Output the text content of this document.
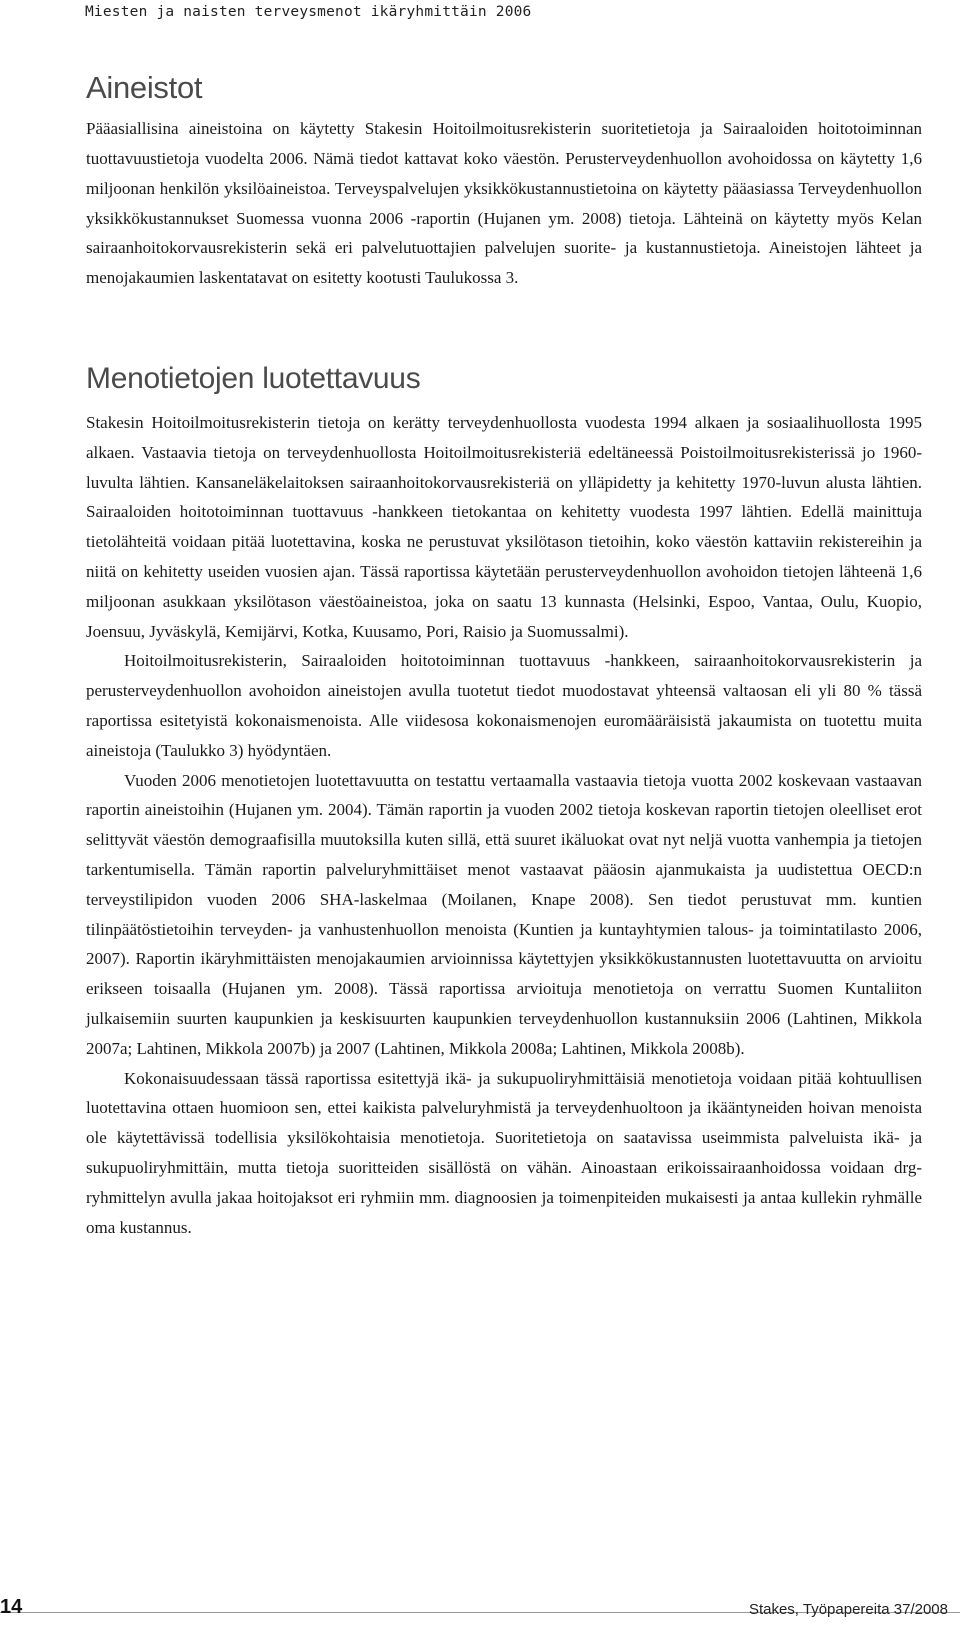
Miesten ja naisten terveysmenot ikäryhmittäin 2006
Aineistot

Pääasiallisina aineistoina on käytetty Stakesin Hoitoilmoitusrekisterin suoritetietoja ja Sairaaloiden hoitotoiminnan tuottavuustietoja vuodelta 2006. Nämä tiedot kattavat koko väestön. Perusterveydenhuollon avohoidossa on käytetty 1,6 miljoonan henkilön yksilöaineistoa. Terveyspalvelujen yksikkökustannustietoina on käytetty pääasiassa Terveydenhuollon yksikkökustannukset Suomessa vuonna 2006 -raportin (Hujanen ym. 2008) tietoja. Lähteinä on käytetty myös Kelan sairaanhoitokorvausrekisterin sekä eri palvelutuottajien palvelujen suorite- ja kustannustietoja. Aineistojen lähteet ja menojakaumien laskentatavat on esitetty kootusti Taulukossa 3.

Menotietojen luotettavuus

Stakesin Hoitoilmoitusrekisterin tietoja on kerätty terveydenhuollosta vuodesta 1994 alkaen ja sosiaalihuollosta 1995 alkaen. Vastaavia tietoja on terveydenhuollosta Hoitoilmoitusrekisteriä edeltäneessä Poistoilmoitusrekisterissä jo 1960-luvulta lähtien. Kansaneläkelaitoksen sairaanhoitokorvausrekisteriä on ylläpidetty ja kehitetty 1970-luvun alusta lähtien. Sairaaloiden hoitotoiminnan tuottavuus -hankkeen tietokantaa on kehitetty vuodesta 1997 lähtien. Edellä mainittuja tietolähteitä voidaan pitää luotettavina, koska ne perustuvat yksilötason tietoihin, koko väestön kattaviin rekistereihin ja niitä on kehitetty useiden vuosien ajan. Tässä raportissa käytetään perusterveydenhuollon avohoidon tietojen lähteenä 1,6 miljoonan asukkaan yksilötason väestöaineistoa, joka on saatu 13 kunnasta (Helsinki, Espoo, Vantaa, Oulu, Kuopio, Joensuu, Jyväskylä, Kemijärvi, Kotka, Kuusamo, Pori, Raisio ja Suomussalmi).

Hoitoilmoitusrekisterin, Sairaaloiden hoitotoiminnan tuottavuus -hankkeen, sairaanhoitokorvausrekisterin ja perusterveydenhuollon avohoidon aineistojen avulla tuotetut tiedot muodostavat yhteensä valtaosan eli yli 80 % tässä raportissa esitetyistä kokonaismenoista. Alle viidesosa kokonaismenojen euromääräisistä jakaumista on tuotettu muita aineistoja (Taulukko 3) hyödyntäen.

Vuoden 2006 menotietojen luotettavuutta on testattu vertaamalla vastaavia tietoja vuotta 2002 koskevaan vastaavan raportin aineistoihin (Hujanen ym. 2004). Tämän raportin ja vuoden 2002 tietoja koskevan raportin tietojen oleelliset erot selittyvät väestön demograafisilla muutoksilla kuten sillä, että suuret ikäluokat ovat nyt neljä vuotta vanhempia ja tietojen tarkentumisella. Tämän raportin palveluryhmittäiset menot vastaavat pääosin ajanmukaista ja uudistettua OECD:n terveystilipidon vuoden 2006 SHA-laskelmaa (Moilanen, Knape 2008). Sen tiedot perustuvat mm. kuntien tilinpäätöstietoihin terveyden- ja vanhustenhuollon menoista (Kuntien ja kuntayhtymien talous- ja toimintatilasto 2006, 2007). Raportin ikäryhmittäisten menojakaumien arvioinnissa käytettyjen yksikkökustannusten luotettavuutta on arvioitu erikseen toisaalla (Hujanen ym. 2008). Tässä raportissa arvioituja menotietoja on verrattu Suomen Kuntaliiton julkaisemiin suurten kaupunkien ja keskisuurten kaupunkien terveydenhuollon kustannuksiin 2006 (Lahtinen, Mikkola 2007a; Lahtinen, Mikkola 2007b) ja 2007 (Lahtinen, Mikkola 2008a; Lahtinen, Mikkola 2008b).

Kokonaisuudessaan tässä raportissa esitettyjä ikä- ja sukupuoliryhmittäisiä menotietoja voidaan pitää kohtuullisen luotettavina ottaen huomioon sen, ettei kaikista palveluryhmistä ja terveydenhuoltoon ja ikääntyneiden hoivan menoista ole käytettävissä todellisia yksilökohtaisia menotietoja. Suoritetietoja on saatavissa useimmista palveluista ikä- ja sukupuoliryhmittäin, mutta tietoja suoritteiden sisällöstä on vähän. Ainoastaan erikoissairaanhoidossa voidaan drg-ryhmittelyn avulla jakaa hoitojaksot eri ryhmiin mm. diagnoosien ja toimenpiteiden mukaisesti ja antaa kullekin ryhmälle oma kustannus.

14	Stakes, Työpapereita 37/2008
